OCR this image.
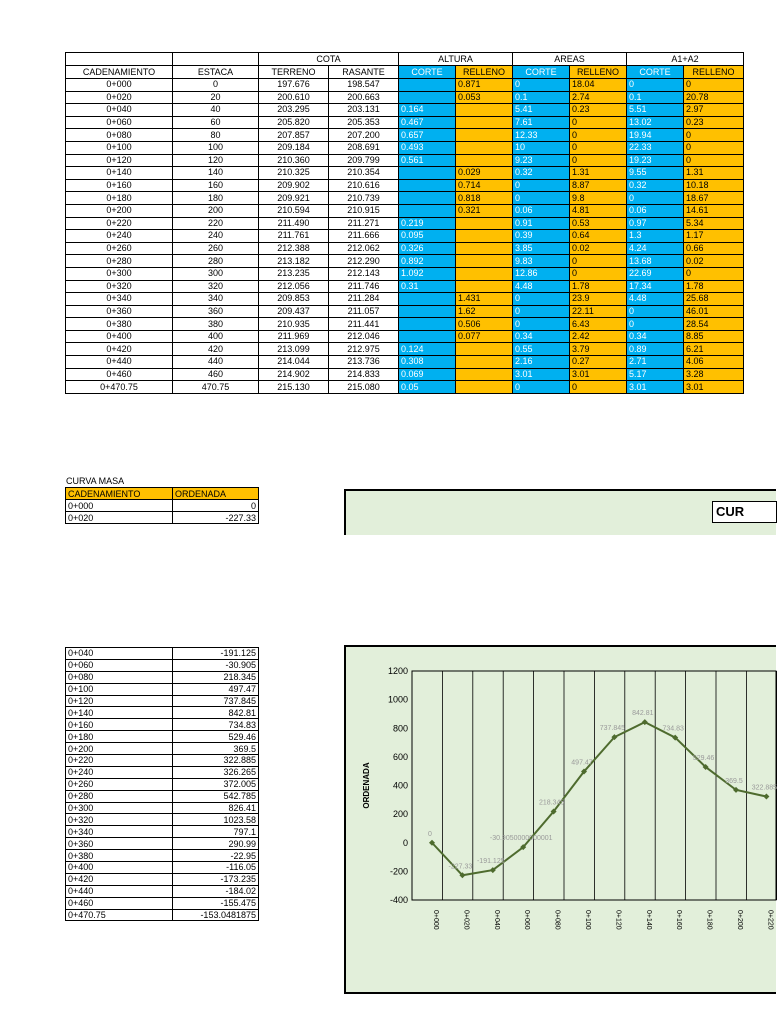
		COTA		ALTURA		AREAS		A1+A2	
CADENAMIENTO	ESTACA	TERRENO	RASANTE	CORTE	RELLENO	CORTE	RELLENO	CORTE	RELLENO
0+000	0	197.676	198.547		0.871	0	18.04	0	0
0+020	20	200.610	200.663		0.053	0.1	2.74	0.1	20.78
0+040	40	203.295	203.131	0.164		5.41	0.23	5.51	2.97
0+060	60	205.820	205.353	0.467		7.61	0	13.02	0.23
0+080	80	207.857	207.200	0.657		12.33	0	19.94	0
0+100	100	209.184	208.691	0.493		10	0	22.33	0
0+120	120	210.360	209.799	0.561		9.23	0	19.23	0
0+140	140	210.325	210.354		0.029	0.32	1.31	9.55	1.31
0+160	160	209.902	210.616		0.714	0	8.87	0.32	10.18
0+180	180	209.921	210.739		0.818	0	9.8	0	18.67
0+200	200	210.594	210.915		0.321	0.06	4.81	0.06	14.61
0+220	220	211.490	211.271	0.219		0.91	0.53	0.97	5.34
0+240	240	211.761	211.666	0.095		0.39	0.64	1.3	1.17
0+260	260	212.388	212.062	0.326		3.85	0.02	4.24	0.66
0+280	280	213.182	212.290	0.892		9.83	0	13.68	0.02
0+300	300	213.235	212.143	1.092		12.86	0	22.69	0
0+320	320	212.056	211.746	0.31		4.48	1.78	17.34	1.78
0+340	340	209.853	211.284		1.431	0	23.9	4.48	25.68
0+360	360	209.437	211.057		1.62	0	22.11	0	46.01
0+380	380	210.935	211.441		0.506	0	6.43	0	28.54
0+400	400	211.969	212.046		0.077	0.34	2.42	0.34	8.85
0+420	420	213.099	212.975	0.124		0.55	3.79	0.89	6.21
0+440	440	214.044	213.736	0.308		2.16	0.27	2.71	4.06
0+460	460	214.902	214.833	0.069		3.01	3.01	5.17	3.28
0+470.75	470.75	215.130	215.080	0.05		0	0	3.01	3.01
CURVA MASA
CADENAMIENTO	ORDENADA
0+000	0
0+020	-227.33
0+040	-191.125
0+060	-30.905
0+080	218.345
0+100	497.47
0+120	737.845
0+140	842.81
0+160	734.83
0+180	529.46
0+200	369.5
0+220	322.885
0+240	326.265
0+260	372.005
0+280	542.785
0+300	826.41
0+320	1023.58
0+340	797.1
0+360	290.99
0+380	-22.95
0+400	-116.05
0+420	-173.235
0+440	-184.02
0+460	-155.475
0+470.75	-153.0481875
CUR
-400
-200
0
200
400
600
800
1000
1200
ORDENADA
0+000	0+020	0+040	0+060	0+080	0+100	0+120	0+140	0+160	0+180	0+200	0+220
0
-227.33
-191.125
-30.9050000000001
218.345
497.47
737.845
842.81
734.83
529.46
369.5
322.885
